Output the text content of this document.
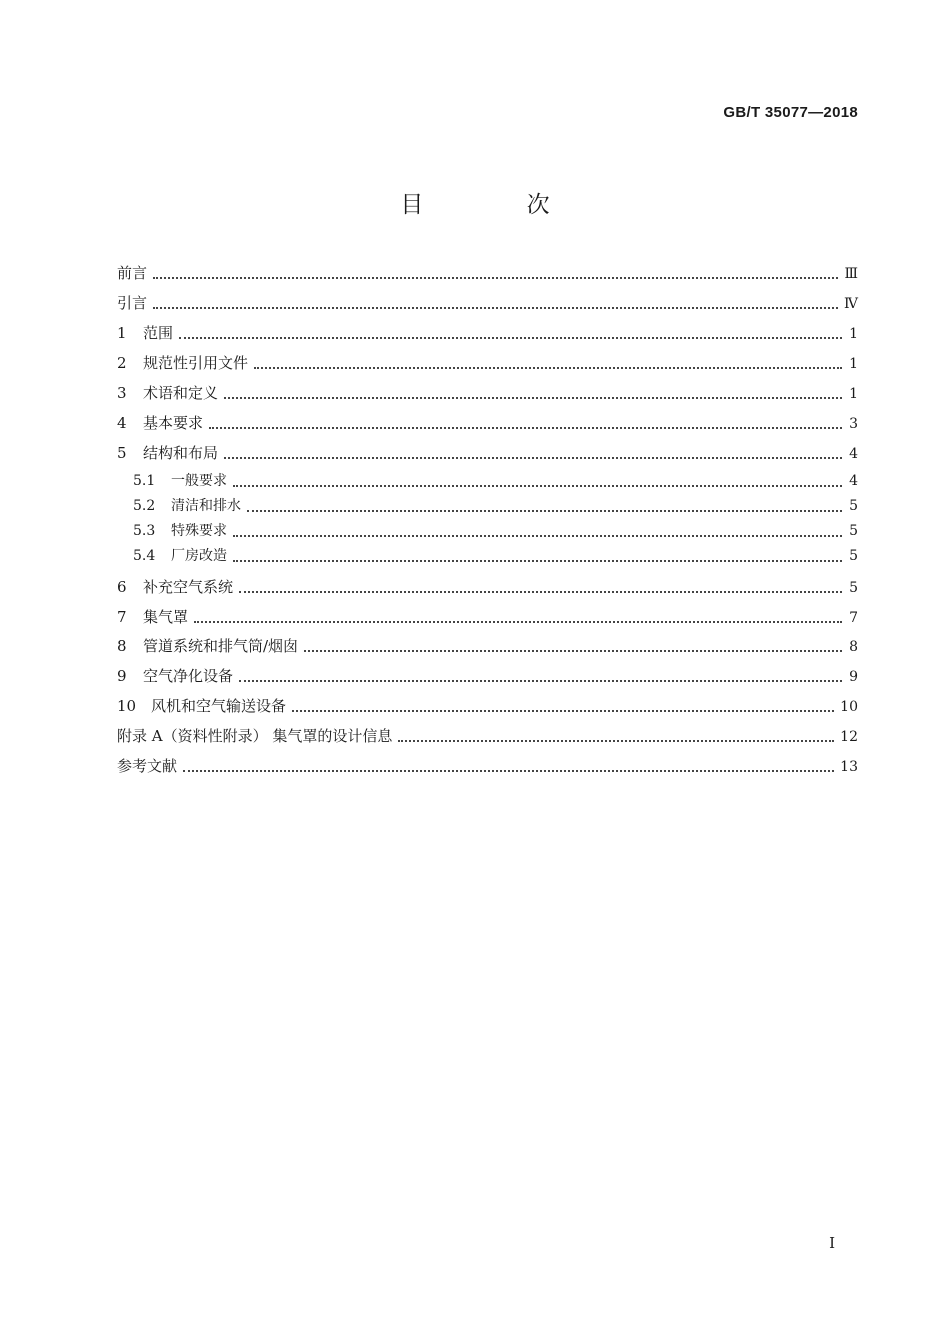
GB/T 35077—2018
目 次
前言	Ⅲ
引言	Ⅳ
1	范围	1
2	规范性引用文件	1
3	术语和定义	1
4	基本要求	3
5	结构和布局	4
5.1	一般要求	4
5.2	清洁和排水	5
5.3	特殊要求	5
5.4	厂房改造	5
6	补充空气系统	5
7	集气罩	7
8	管道系统和排气筒/烟囱	8
9	空气净化设备	9
10 风机和空气输送设备	10
附录 A（资料性附录） 集气罩的设计信息	12
参考文献	13
Ⅰ
